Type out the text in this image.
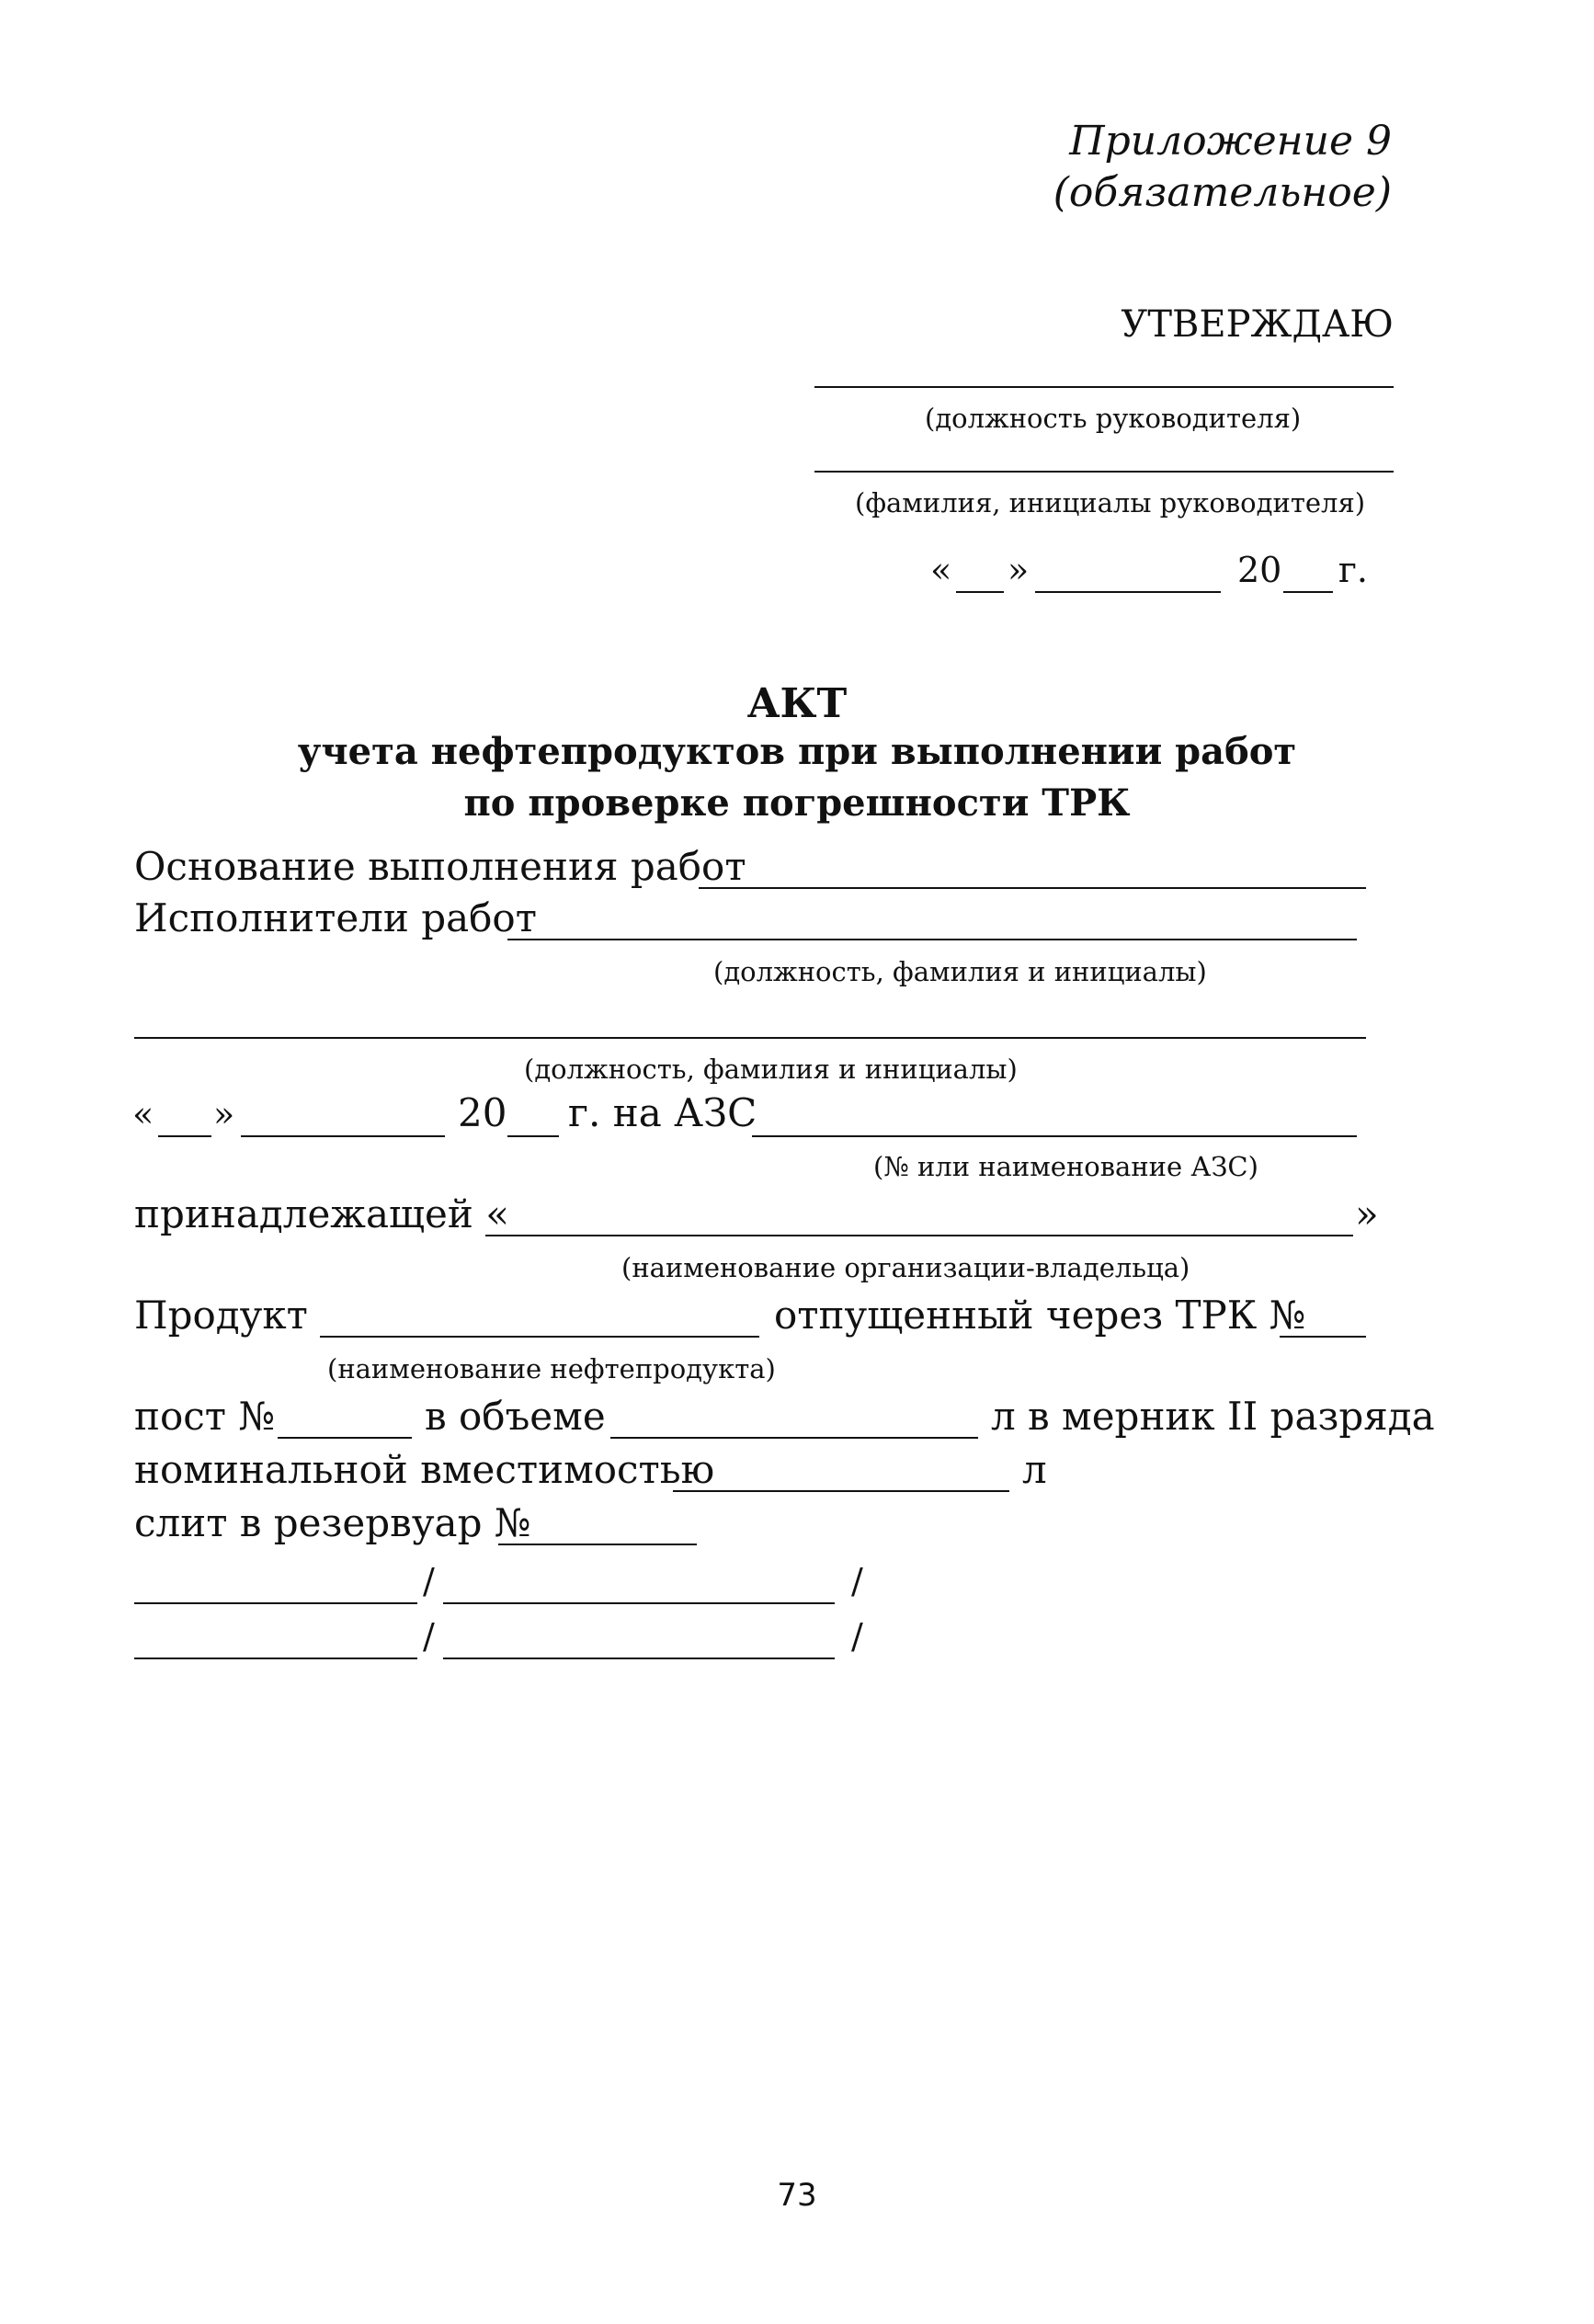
Приложение 9
(обязательное)
УТВЕРЖДАЮ
(должность руководителя)
(фамилия, инициалы руководителя)
« »	20 г.
АКТ
учета нефтепродуктов при выполнении работ
по проверке погрешности ТРК
Основание выполнения работ
Исполнители работ
(должность, фамилия и инициалы)
(должность, фамилия и инициалы)
« »	20 г. на АЗС
(№ или наименование АЗС)
принадлежащей «	»
(наименование организации-владельца)
Продукт	отпущенный через ТРК №
(наименование нефтепродукта)
пост №	в объеме	л в мерник II разряда
номинальной вместимостью	л
слит в резервуар №
/	/
/	/
73
